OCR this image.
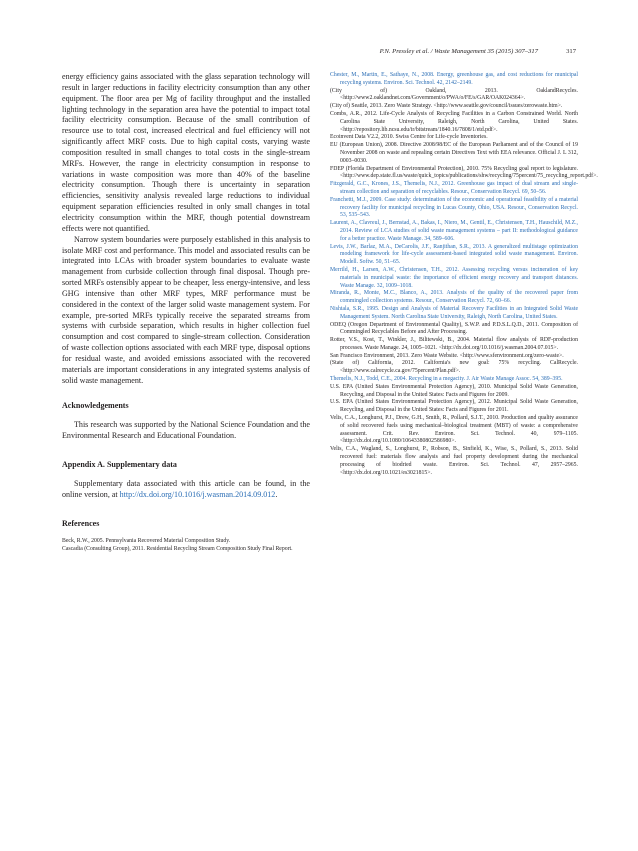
P.N. Pressley et al. / Waste Management 35 (2015) 307–317	317

energy efficiency gains associated with the glass separation technology will result in larger reductions in facility electricity consumption than any other equipment. The floor area per Mg of facility throughput and the installed lighting technology in the separation area have the potential to impact total facility electricity consumption. Because of the small contribution of resource use to total cost, increased electrical and fuel efficiency will not significantly affect MRF costs. Due to high capital costs, varying waste composition resulted in small changes to total costs in the single-stream MRFs. However, the range in electricity consumption in response to variations in waste composition was more than 40% of the baseline electricity consumption. Though there is uncertainty in separation efficiencies, sensitivity analysis revealed large reductions to individual equipment separation efficiencies resulted in only small changes in total electricity consumption within the MRF, though potential downstream effects were not quantified.

Narrow system boundaries were purposely established in this analysis to isolate MRF cost and performance. This model and associated results can be integrated into LCAs with broader system boundaries to evaluate waste management from curbside collection through final disposal. Though pre-sorted MRFs ostensibly appear to be cheaper, less energy-intensive, and less GHG intensive than other MRF types, MRF performance must be considered in the context of the larger solid waste management system. For example, pre-sorted MRFs typically receive the separated streams from systems with curbside separation, which results in higher collection fuel consumption and cost compared to single-stream collection. Consideration of waste collection options associated with each MRF type, disposal options for residual waste, and avoided emissions associated with the recovered materials are important considerations in any integrated systems analysis of solid waste management.

Acknowledgements

This research was supported by the National Science Foundation and the Environmental Research and Educational Foundation.

Appendix A. Supplementary data

Supplementary data associated with this article can be found, in the online version, at http://dx.doi.org/10.1016/j.wasman.2014.09.012.

References

Beck, R.W., 2005. Pennsylvania Recovered Material Composition Study.

Cascadia (Consulting Group), 2011. Residential Recycling Stream Composition Study Final Report.

Chester, M., Martin, E., Sathaye, N., 2008. Energy, greenhouse gas, and cost reductions for municipal recycling systems. Environ. Sci. Technol. 42, 2142–2149.

(City of) Oakland, 2013. OaklandRecycles. <http://www2.oaklandnet.com/Government/o/PWA/o/FE/s/GAR/OAK024364>.

(City of) Seattle, 2013. Zero Waste Strategy. <http://www.seattle.gov/council/issues/zerowaste.htm>.

Combs, A.R., 2012. Life-Cycle Analysis of Recycling Facilities in a Carbon Constrained World. North Carolina State University, Raleigh, North Carolina, United States. <http://repository.lib.ncsu.edu/ir/bitstream/1840.16/7808/1/etd.pdf>.

Ecoinvent Data V2.2, 2010. Swiss Centre for Life-cycle Inventories.

EU (European Union), 2008. Directive 2008/98/EC of the European Parliament and of the Council of 19 November 2008 on waste and repealing certain Directives Text with EEA relevance. Official J. L 312, 0003–0030.

FDEP (Florida Department of Environmental Protection), 2010. 75% Recycling goal report to legislature. <http://www.dep.state.fl.us/waste/quick_topics/publications/shw/recycling/75percent/75_recycling_report.pdf>.

Fitzgerald, G.C., Krones, J.S., Themelis, N.J., 2012. Greenhouse gas impact of dual stream and single-stream collection and separation of recyclables. Resour., Conservation Recycl. 69, 50–56.

Franchetti, M.J., 2009. Case study: determination of the economic and operational feasibility of a material recovery facility for municipal recycling in Lucas County, Ohio, USA. Resour., Conservation Recycl. 53, 535–543.

Laurent, A., Clavreul, J., Bernstad, A., Bakas, I., Niero, M., Gentil, E., Christensen, T.H., Hauschild, M.Z., 2014. Review of LCA studies of solid waste management systems – part II: methodological guidance for a better practice. Waste Manage. 34, 589–606.

Levis, J.W., Barlaz, M.A., DeCarolis, J.F., Ranjithan, S.R., 2013. A generalized multistage optimization modeling framework for life-cycle assessment-based integrated solid waste management. Environ. Modell. Softw. 50, 51–65.

Merrild, H., Larsen, A.W., Christensen, T.H., 2012. Assessing recycling versus incineration of key materials in municipal waste: the importance of efficient energy recovery and transport distances. Waste Manage. 32, 1009–1018.

Miranda, R., Monte, M.C., Blanco, A., 2013. Analysis of the quality of the recovered paper from commingled collection systems. Resour., Conservation Recycl. 72, 60–66.

Nishtala, S.R., 1995. Design and Analysis of Material Recovery Facilities in an Integrated Solid Waste Management System. North Carolina State University, Raleigh, North Carolina, United States.

ODEQ (Oregon Department of Environmental Quality), S.W.P. and P.D.S.L.Q.D., 2011. Composition of Commingled Recyclables Before and After Processing.

Rotter, V.S., Kost, T., Winkler, J., Bilitewski, B., 2004. Material flow analysis of RDF-production processes. Waste Manage. 24, 1005–1021. <http://dx.doi.org/10.1016/j.wasman.2004.07.015>.

San Francisco Environment, 2013. Zero Waste Website. <http://www.sfenvironment.org/zero-waste>.

(State of) California, 2012. California's new goal: 75% recycling. CalRecycle. <http://www.calrecycle.ca.gov/75percent/Plan.pdf>.

Themelis, N.J., Todd, C.E., 2004. Recycling in a megacity. J. Air Waste Manage Assoc. 54, 389–395.

U.S. EPA (United States Environmental Protection Agency), 2010. Municipal Solid Waste Generation, Recycling, and Disposal in the United States: Facts and Figures for 2009.

U.S. EPA (United States Environmental Protection Agency), 2012. Municipal Solid Waste Generation, Recycling, and Disposal in the United States: Facts and Figures for 2011.

Velis, C.A., Longhurst, P.J., Drew, G.H., Smith, R., Pollard, S.J.T., 2010. Production and quality assurance of solid recovered fuels using mechanical–biological treatment (MBT) of waste: a comprehensive assessment. Crit. Rev. Environ. Sci. Technol. 40, 979–1105. <http://dx.doi.org/10.1080/10643380802586980>.

Velis, C.A., Wagland, S., Longhurst, P., Robson, B., Sinfield, K., Wise, S., Pollard, S., 2013. Solid recovered fuel: materials flow analysis and fuel property development during the mechanical processing of biodried waste. Environ. Sci. Technol. 47, 2957–2965. <http://dx.doi.org/10.1021/es3021815>.
